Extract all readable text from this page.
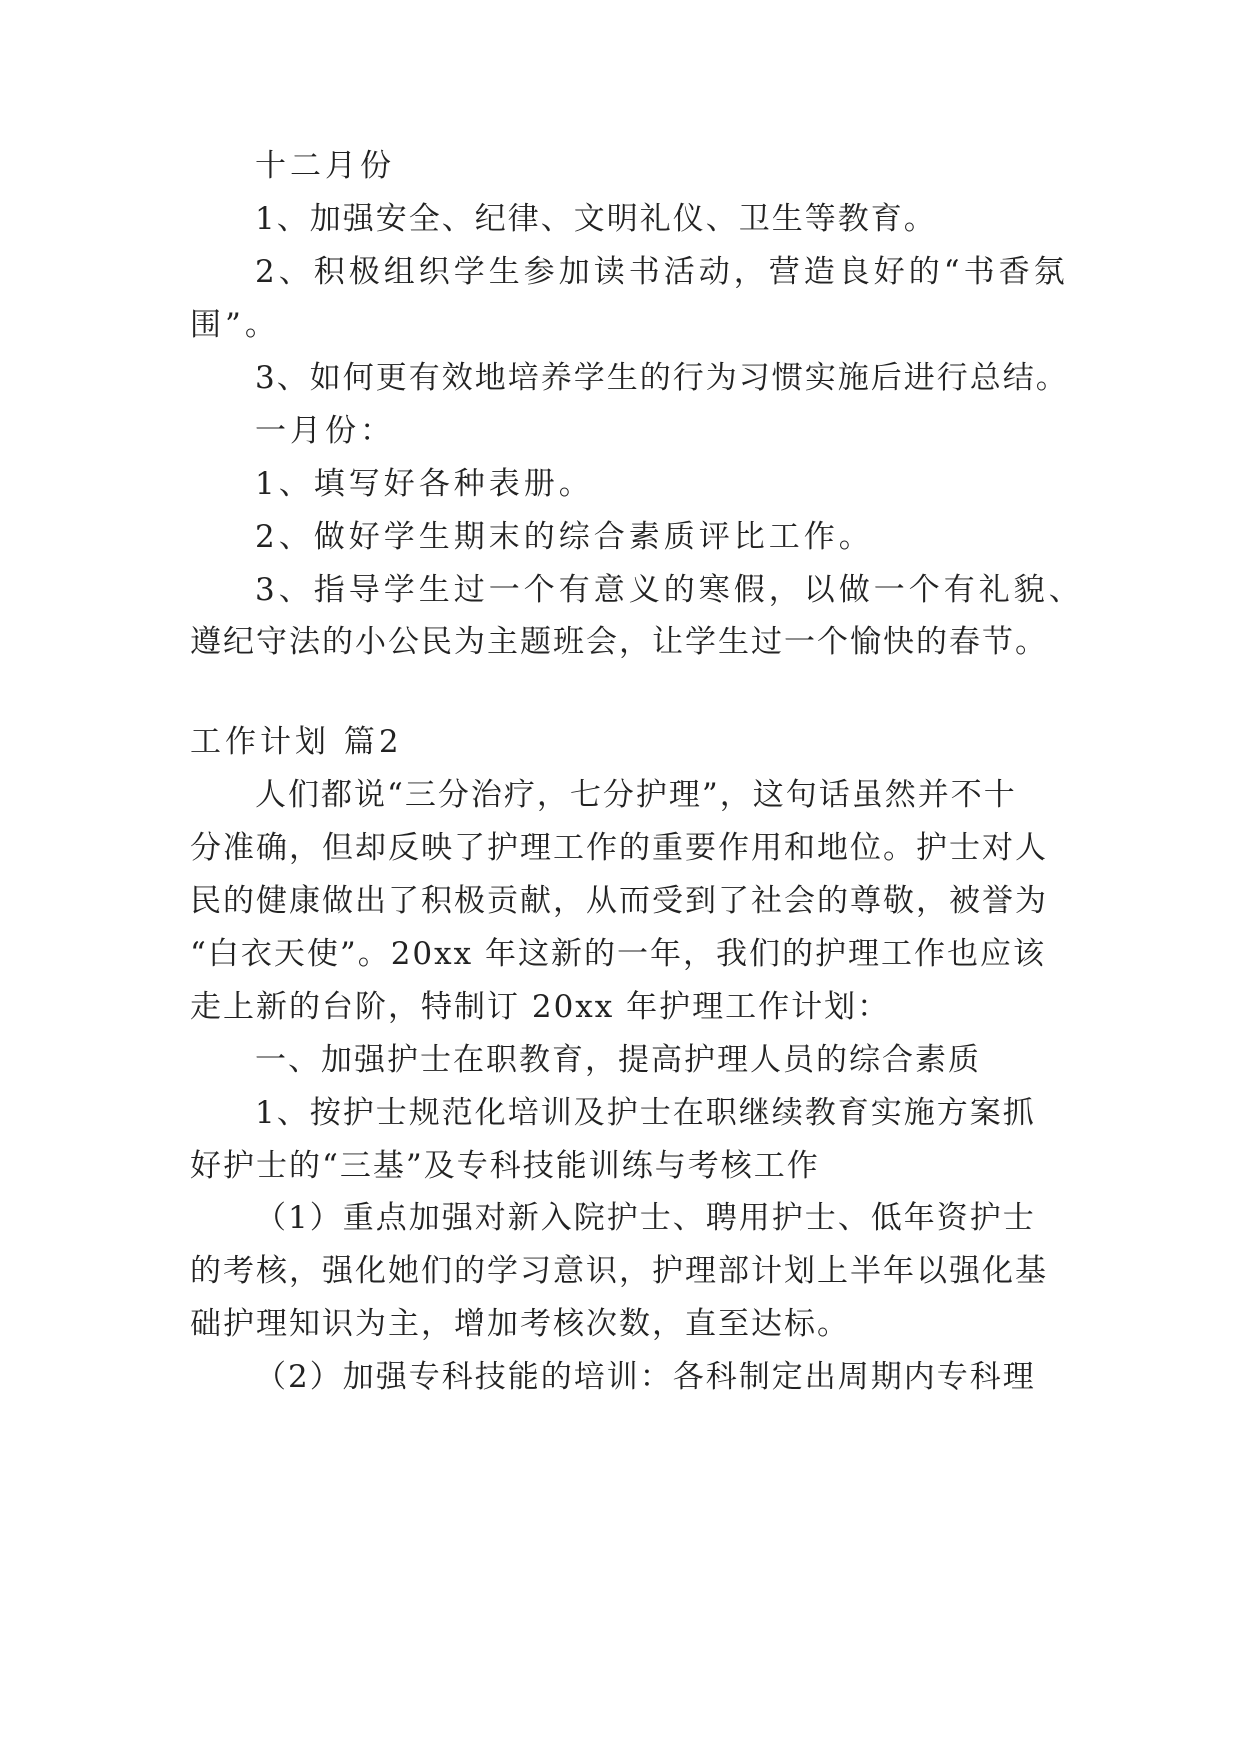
十二月份
1、加强安全、纪律、文明礼仪、卫生等教育。
2、积极组织学生参加读书活动，营造良好的“书香氛
围”。
3、如何更有效地培养学生的行为习惯实施后进行总结。
一月份：
1、填写好各种表册。
2、做好学生期末的综合素质评比工作。
3、指导学生过一个有意义的寒假，以做一个有礼貌、
遵纪守法的小公民为主题班会，让学生过一个愉快的春节。
工作计划 篇2
人们都说“三分治疗，七分护理”，这句话虽然并不十
分准确，但却反映了护理工作的重要作用和地位。护士对人
民的健康做出了积极贡献，从而受到了社会的尊敬，被誉为
“白衣天使”。20xx 年这新的一年，我们的护理工作也应该
走上新的台阶，特制订 20xx 年护理工作计划：
一、加强护士在职教育，提高护理人员的综合素质
1、按护士规范化培训及护士在职继续教育实施方案抓
好护士的“三基”及专科技能训练与考核工作
（1）重点加强对新入院护士、聘用护士、低年资护士
的考核，强化她们的学习意识，护理部计划上半年以强化基
础护理知识为主，增加考核次数，直至达标。
（2）加强专科技能的培训：各科制定出周期内专科理
